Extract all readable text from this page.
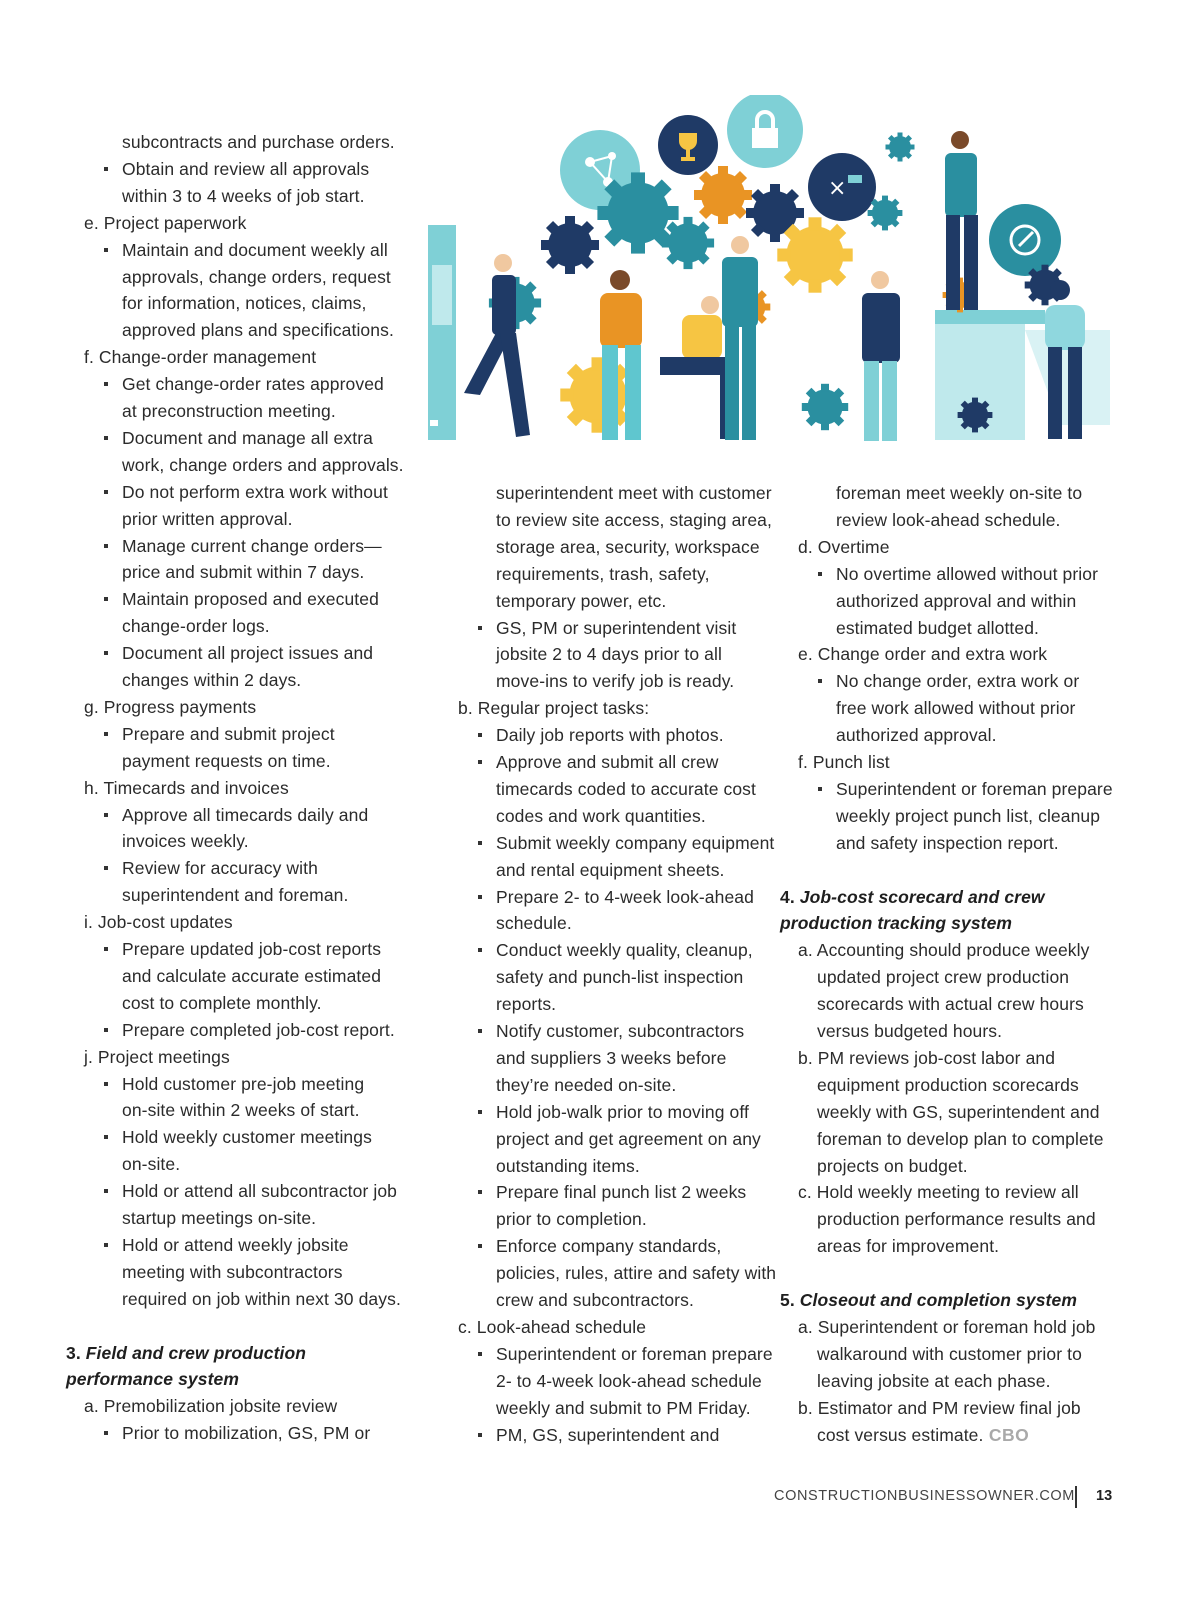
×
subcontracts and purchase orders.
Obtain and review all approvals
within 3 to 4 weeks of job start.
e. Project paperwork
Maintain and document weekly all
approvals, change orders, request
for information, notices, claims,
approved plans and specifications.
f. Change-order management
Get change-order rates approved
at preconstruction meeting.
Document and manage all extra
work, change orders and approvals.
Do not perform extra work without
prior written approval.
Manage current change orders—
price and submit within 7 days.
Maintain proposed and executed
change-order logs.
Document all project issues and
changes within 2 days.
g. Progress payments
Prepare and submit project
payment requests on time.
h. Timecards and invoices
Approve all timecards daily and
invoices weekly.
Review for accuracy with
superintendent and foreman.
i. Job-cost updates
Prepare updated job-cost reports
and calculate accurate estimated
cost to complete monthly.
Prepare completed job-cost report.
j. Project meetings
Hold customer pre-job meeting
on-site within 2 weeks of start.
Hold weekly customer meetings
on-site.
Hold or attend all subcontractor job
startup meetings on-site.
Hold or attend weekly jobsite
meeting with subcontractors
required on job within next 30 days.
3. Field and crew production
performance system
a. Premobilization jobsite review
Prior to mobilization, GS, PM or
superintendent meet with customer
to review site access, staging area,
storage area, security, workspace
requirements, trash, safety,
temporary power, etc.
GS, PM or superintendent visit
jobsite 2 to 4 days prior to all
move-ins to verify job is ready.
b. Regular project tasks:
Daily job reports with photos.
Approve and submit all crew
timecards coded to accurate cost
codes and work quantities.
Submit weekly company equipment
and rental equipment sheets.
Prepare 2- to 4-week look-ahead
schedule.
Conduct weekly quality, cleanup,
safety and punch-list inspection
reports.
Notify customer, subcontractors
and suppliers 3 weeks before
they’re needed on-site.
Hold job-walk prior to moving off
project and get agreement on any
outstanding items.
Prepare final punch list 2 weeks
prior to completion.
Enforce company standards,
policies, rules, attire and safety with
crew and subcontractors.
c. Look-ahead schedule
Superintendent or foreman prepare
2- to 4-week look-ahead schedule
weekly and submit to PM Friday.
PM, GS, superintendent and
foreman meet weekly on-site to
review look-ahead schedule.
d. Overtime
No overtime allowed without prior
authorized approval and within
estimated budget allotted.
e. Change order and extra work
No change order, extra work or
free work allowed without prior
authorized approval.
f. Punch list
Superintendent or foreman prepare
weekly project punch list, cleanup
and safety inspection report.
4. Job-cost scorecard and crew
production tracking system
a. Accounting should produce weekly
updated project crew production
scorecards with actual crew hours
versus budgeted hours.
b. PM reviews job-cost labor and
equipment production scorecards
weekly with GS, superintendent and
foreman to develop plan to complete
projects on budget.
c. Hold weekly meeting to review all
production performance results and
areas for improvement.
5. Closeout and completion system
a. Superintendent or foreman hold job
walkaround with customer prior to
leaving jobsite at each phase.
b. Estimator and PM review final job
cost versus estimate. CBO
CONSTRUCTIONBUSINESSOWNER.COM 13
